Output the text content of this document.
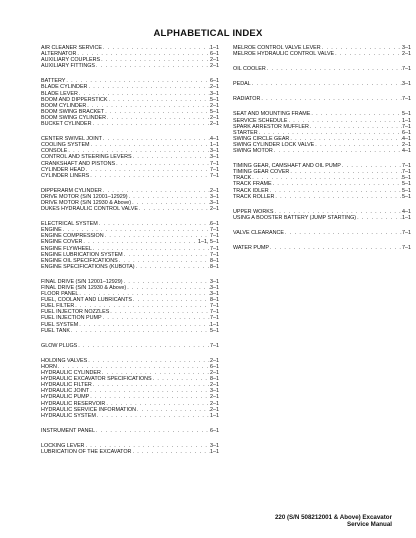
ALPHABETICAL INDEX
AIR CLEANER SERVICE . . .	1–1
ALTERNATOR . . .	6–1
AUXILIARY COUPLERS . . .	2–1
AUXILIARY FITTINGS . . .	2–1
BATTERY . . .	6–1
BLADE CYLINDER . . .	2–1
BLADE LEVER . . .	3–1
BOOM AND DIPPERSTICK . . .	5–1
BOOM CYLINDER . . .	2–1
BOOM SWING BRACKET . . .	5–1
BOOM SWING CYLINDER . . .	2–1
BUCKET CYLINDER . . .	2–1
CENTER SWIVEL JOINT . . .	4–1
COOLING SYSTEM . . .	1–1
CONSOLE . . .	3–1
CONTROL AND STEERING LEVERS . . .	3–1
CRANKSHAFT AND PISTONS . . .	7–1
CYLINDER HEAD . . .	7–1
CYLINDER LINERS . . .	7–1
DIPPERARM CYLINDER . . .	2–1
DRIVE MOTOR (S/N 12001–12929) . . .	3–1
DRIVE MOTOR (S/N 12930 & Above) . . .	3–1
DUKES HYDRAULIC CONTROL VALVE . . .	2–1
ELECTRICAL SYSTEM . . .	6–1
ENGINE . . .	7–1
ENGINE COMPRESSION . . .	7–1
ENGINE COVER . . .	1–1, 5–1
ENGINE FLYWHEEL . . .	7–1
ENGINE LUBRICATION SYSTEM . . .	7–1
ENGINE OIL SPECIFICATIONS . . .	8–1
ENGINE SPECIFICATIONS (KUBOTA) . . .	8–1
FINAL DRIVE (S/N 12001–12929) . . .	3–1
FINAL DRIVE (S/N 12930 & Above) . . .	3–1
FLOOR PANEL . . .	3–1
FUEL, COOLANT AND LUBRICANTS . . .	8–1
FUEL FILTER . . .	7–1
FUEL INJECTOR NOZZLES . . .	7–1
FUEL INJECTION PUMP . . .	7–1
FUEL SYSTEM . . .	1–1
FUEL TANK . . .	5–1
GLOW PLUGS . . .	7–1
HOLDING VALVES . . .	2–1
HORN . . .	6–1
HYDRAULIC CYLINDER . . .	2–1
HYDRAULIC EXCAVATOR SPECIFICATIONS . . .	8–1
HYDRAULIC FILTER . . .	2–1
HYDRAULIC JOINT . . .	3–1
HYDRAULIC PUMP . . .	2–1
HYDRAULIC RESERVOIR . . .	2–1
HYDRAULIC SERVICE INFORMATION . . .	2–1
HYDRAULIC SYSTEM . . .	1–1
INSTRUMENT PANEL . . .	6–1
LOCKING LEVER . . .	3–1
LUBRICATION OF THE EXCAVATOR . . .	1–1
MELROE CONTROL VALVE LEVER . . .	3–1
MELROE HYDRAULIC CONTROL VALVE . . .	2–1
OIL COOLER . . .	7–1
PEDAL . . .	3–1
RADIATOR . . .	7–1
SEAT AND MOUNTING FRAME . . .	5–1
SERVICE SCHEDULE . . .	1–1
SPARK ARRESTOR MUFFLER . . .	7–1
STARTER . . .	6–1
SWING CIRCLE GEAR . . .	4–1
SWING CYLINDER LOCK VALVE . . .	2–1
SWING MOTOR . . .	4–1
TIMING GEAR, CAMSHAFT AND OIL PUMP . . .	7–1
TIMING GEAR COVER . . .	7–1
TRACK . . .	5–1
TRACK FRAME . . .	5–1
TRACK IDLER . . .	5–1
TRACK ROLLER . . .	5–1
UPPER WORKS . . .	4–1
USING A BOOSTER BATTERY (JUMP STARTING) . . .	1–1
VALVE CLEARANCE . . .	7–1
WATER PUMP . . .	7–1
220 (S/N 508212001 & Above) Excavator
Service Manual
